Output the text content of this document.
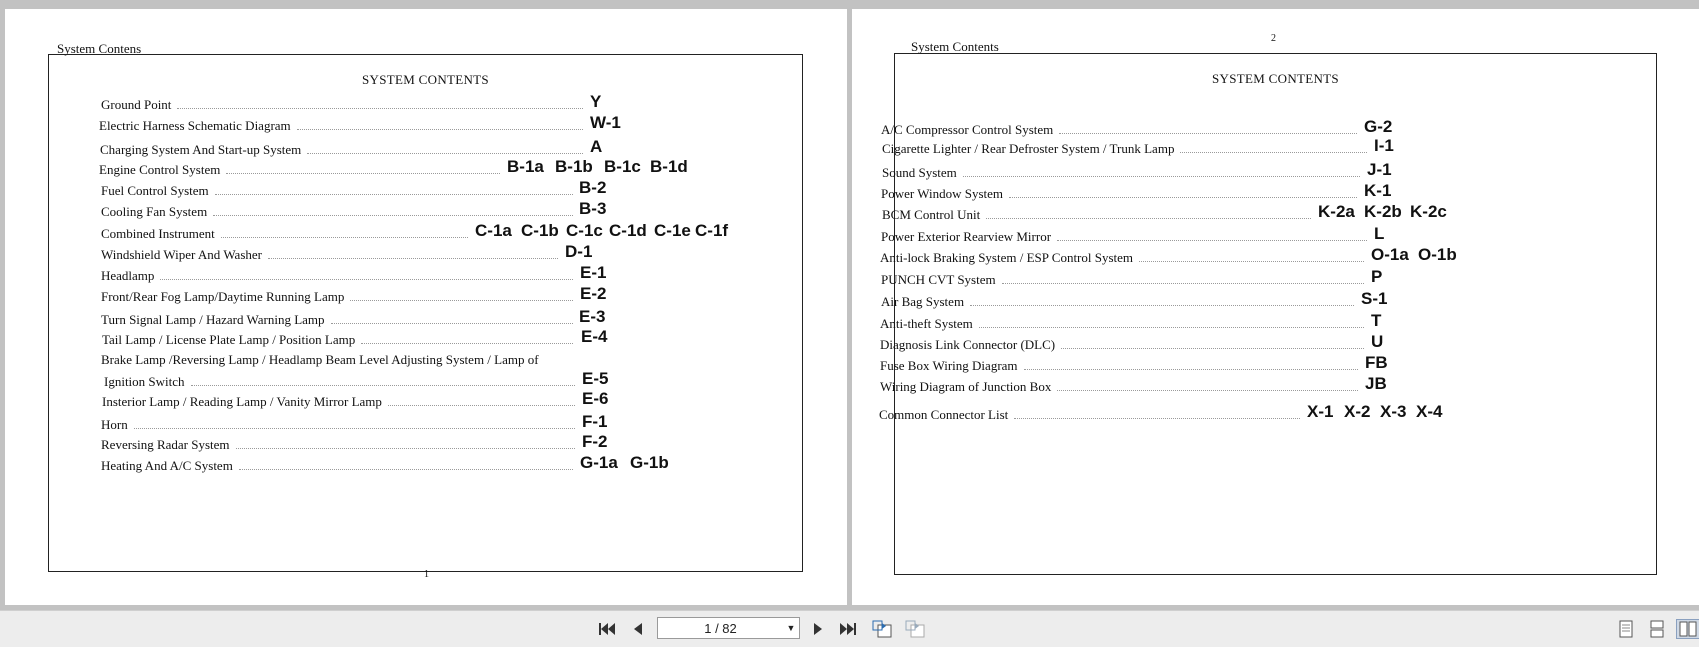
System Contens
SYSTEM CONTENTS
1
Ground Point	Y
Electric Harness Schematic Diagram	W-1
Charging System And Start-up System	A
Engine Control System	B-1a B-1b B-1c B-1d
Fuel Control System	B-2
Cooling Fan System	B-3
Combined Instrument	C-1a C-1b C-1c C-1d C-1e C-1f
Windshield Wiper And Washer	D-1
Headlamp	E-1
Front/Rear Fog Lamp/Daytime Running Lamp	E-2
Turn Signal Lamp / Hazard Warning Lamp	E-3
Tail Lamp / License Plate Lamp / Position Lamp	E-4
Brake Lamp /Reversing Lamp / Headlamp Beam Level Adjusting System / Lamp of
Ignition Switch	E-5
Insterior Lamp / Reading Lamp / Vanity Mirror Lamp	E-6
Horn	F-1
Reversing Radar System	F-2
Heating And A/C System	G-1a G-1b
System Contents
2
SYSTEM CONTENTS
A/C Compressor Control System	G-2
Cigarette Lighter / Rear Defroster System / Trunk Lamp	I-1
Sound System	J-1
Power Window System	K-1
BCM Control Unit	K-2a K-2b K-2c
Power Exterior Rearview Mirror	L
Anti-lock Braking System / ESP Control System	O-1a O-1b
PUNCH CVT System	P
Air Bag System	S-1
Anti-theft System	T
Diagnosis Link Connector (DLC)	U
Fuse Box Wiring Diagram	FB
Wiring Diagram of Junction Box	JB
Common Connector List	X-1 X-2 X-3 X-4
1 / 82	▼
